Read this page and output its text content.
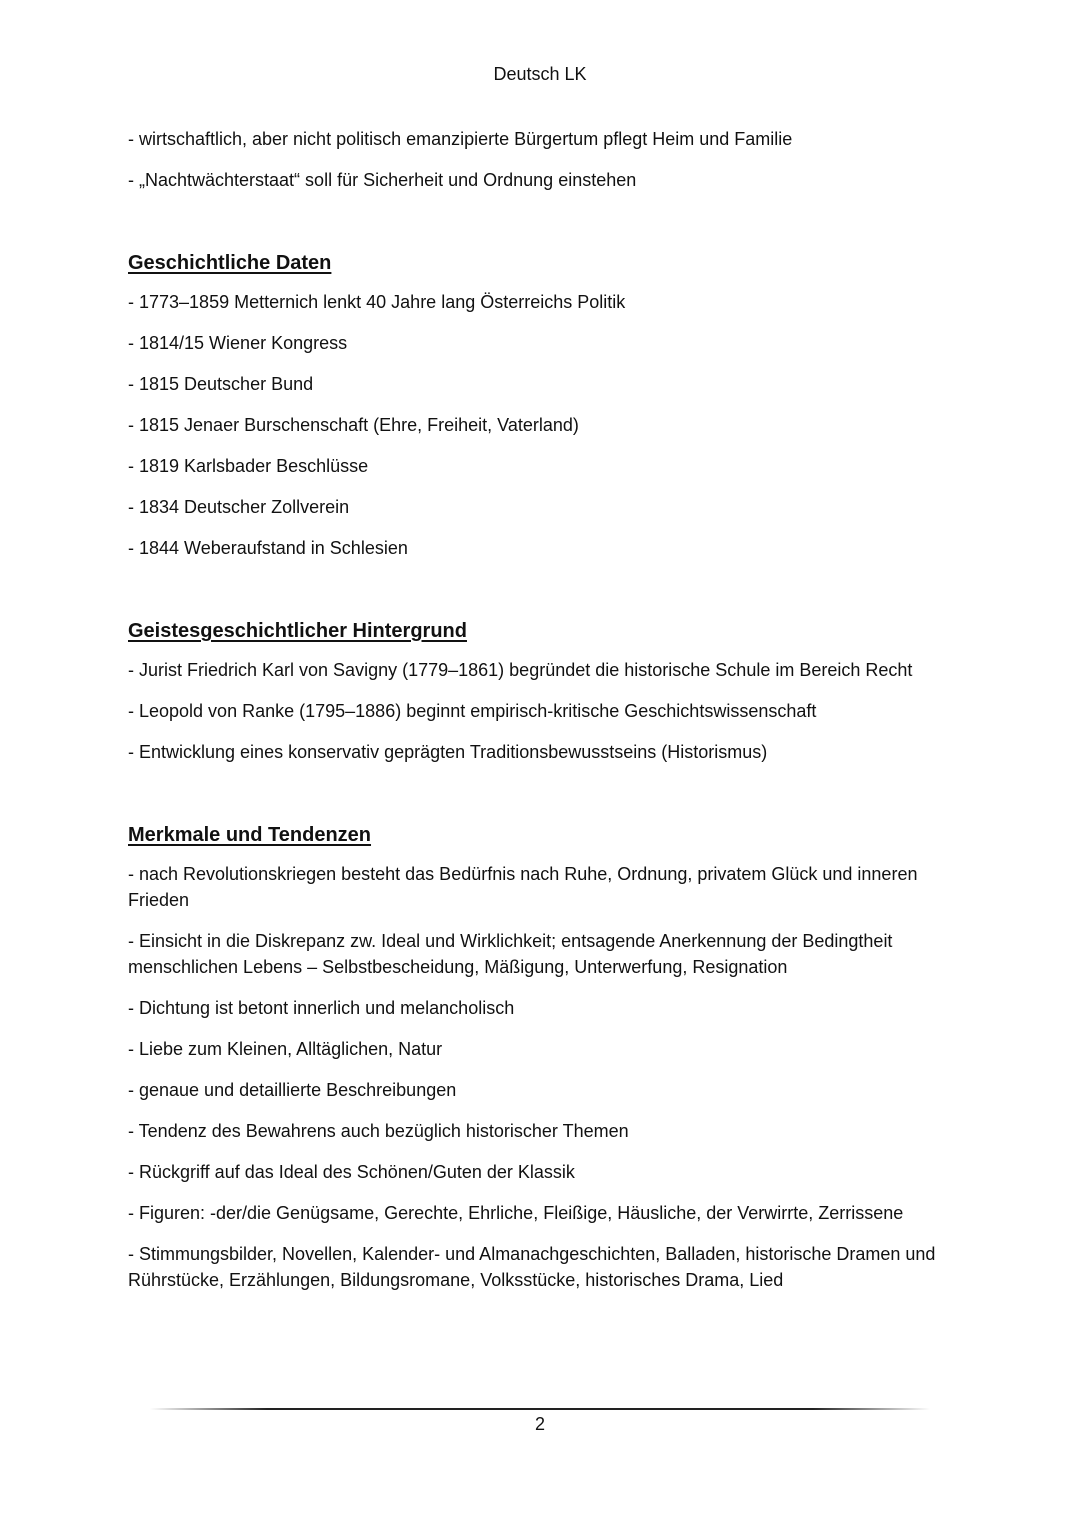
Deutsch LK

- wirtschaftlich, aber nicht politisch emanzipierte Bürgertum pflegt Heim und Familie

- „Nachtwächterstaat“ soll für Sicherheit und Ordnung einstehen

Geschichtliche Daten

- 1773–1859 Metternich lenkt 40 Jahre lang Österreichs Politik

- 1814/15 Wiener Kongress

- 1815 Deutscher Bund

- 1815 Jenaer Burschenschaft (Ehre, Freiheit, Vaterland)

- 1819 Karlsbader Beschlüsse

- 1834 Deutscher Zollverein

- 1844 Weberaufstand in Schlesien

Geistesgeschichtlicher Hintergrund

- Jurist Friedrich Karl von Savigny (1779–1861) begründet die historische Schule im Bereich Recht

- Leopold von Ranke (1795–1886) beginnt empirisch-kritische Geschichtswissenschaft

- Entwicklung eines konservativ geprägten Traditionsbewusstseins (Historismus)

Merkmale und Tendenzen

- nach Revolutionskriegen besteht das Bedürfnis nach Ruhe, Ordnung, privatem Glück und inneren Frieden

- Einsicht in die Diskrepanz zw. Ideal und Wirklichkeit; entsagende Anerkennung der Bedingtheit menschlichen Lebens – Selbstbescheidung, Mäßigung, Unterwerfung, Resignation

- Dichtung ist betont innerlich und melancholisch

- Liebe zum Kleinen, Alltäglichen, Natur

- genaue und detaillierte Beschreibungen

- Tendenz des Bewahrens auch bezüglich historischer Themen

- Rückgriff auf das Ideal des Schönen/Guten der Klassik

- Figuren: -der/die Genügsame, Gerechte, Ehrliche, Fleißige, Häusliche, der Verwirrte, Zerrissene

- Stimmungsbilder, Novellen, Kalender- und Almanachgeschichten, Balladen, historische Dramen und Rührstücke, Erzählungen, Bildungsromane, Volksstücke, historisches Drama, Lied

2
